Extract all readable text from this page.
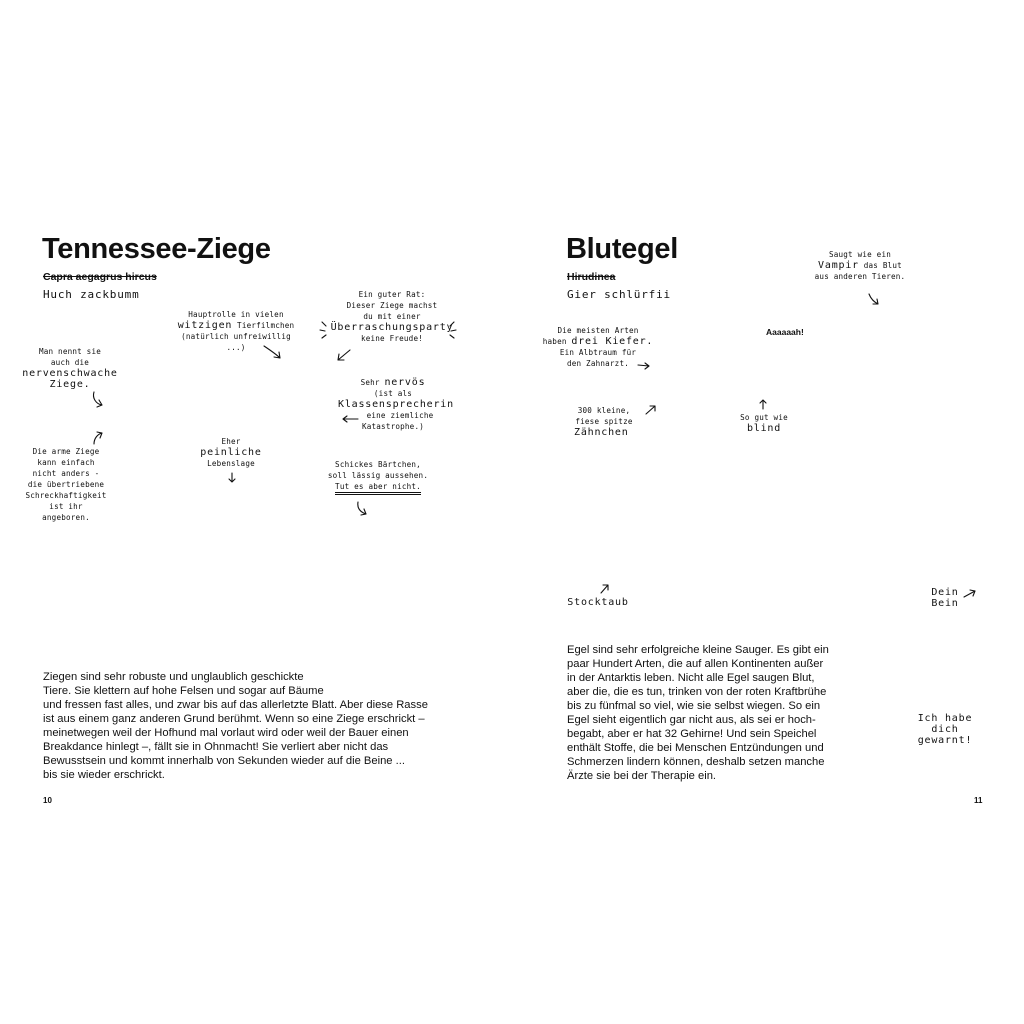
Tennessee-Ziege
Capra aegagrus hircus
Huch zackbumm
Hauptrolle in vielen
witzigen Tierfilmchen
(natürlich unfreiwillig ...)
Ein guter Rat:
Dieser Ziege machst
du mit einer
Überraschungsparty
keine Freude!
Man nennt sie
auch die
nervenschwache
Ziege.	Sehr nervös
(ist als
Klassensprecherin
eine ziemliche
Katastrophe.)
Die arme Ziege
kann einfach
nicht anders -
die übertriebene
Schreckhaftigkeit
ist ihr
angeboren.
Eher
peinliche
Lebenslage	Schickes Bärtchen,
soll lässig aussehen.
Tut es aber nicht.
Ziegen sind sehr robuste und unglaublich geschickte
Tiere. Sie klettern auf hohe Felsen und sogar auf Bäume
und fressen fast alles, und zwar bis auf das allerletzte Blatt. Aber diese Rasse
ist aus einem ganz anderen Grund berühmt. Wenn so eine Ziege erschrickt –
meinetwegen weil der Hofhund mal vorlaut wird oder weil der Bauer einen
Breakdance hinlegt –, fällt sie in Ohnmacht! Sie verliert aber nicht das
Bewusstsein und kommt innerhalb von Sekunden wieder auf die Beine ...
bis sie wieder erschrickt.
10
Blutegel
Hirudinea
Gier schlürfii
Saugt wie ein
Vampir das Blut
aus anderen Tieren.
Die meisten Arten
haben drei Kiefer.
Ein Albtraum für
den Zahnarzt.
Aaaaaah!
300 kleine,
fiese spitze
Zähnchen
So gut wie
blind
Stocktaub
Dein
Bein
Ich habe
dich
gewarnt!
Egel sind sehr erfolgreiche kleine Sauger. Es gibt ein
paar Hundert Arten, die auf allen Kontinenten außer
in der Antarktis leben. Nicht alle Egel saugen Blut,
aber die, die es tun, trinken von der roten Kraftbrühe
bis zu fünfmal so viel, wie sie selbst wiegen. So ein
Egel sieht eigentlich gar nicht aus, als sei er hoch-
begabt, aber er hat 32 Gehirne! Und sein Speichel
enthält Stoffe, die bei Menschen Entzündungen und
Schmerzen lindern können, deshalb setzen manche
Ärzte sie bei der Therapie ein.
11
